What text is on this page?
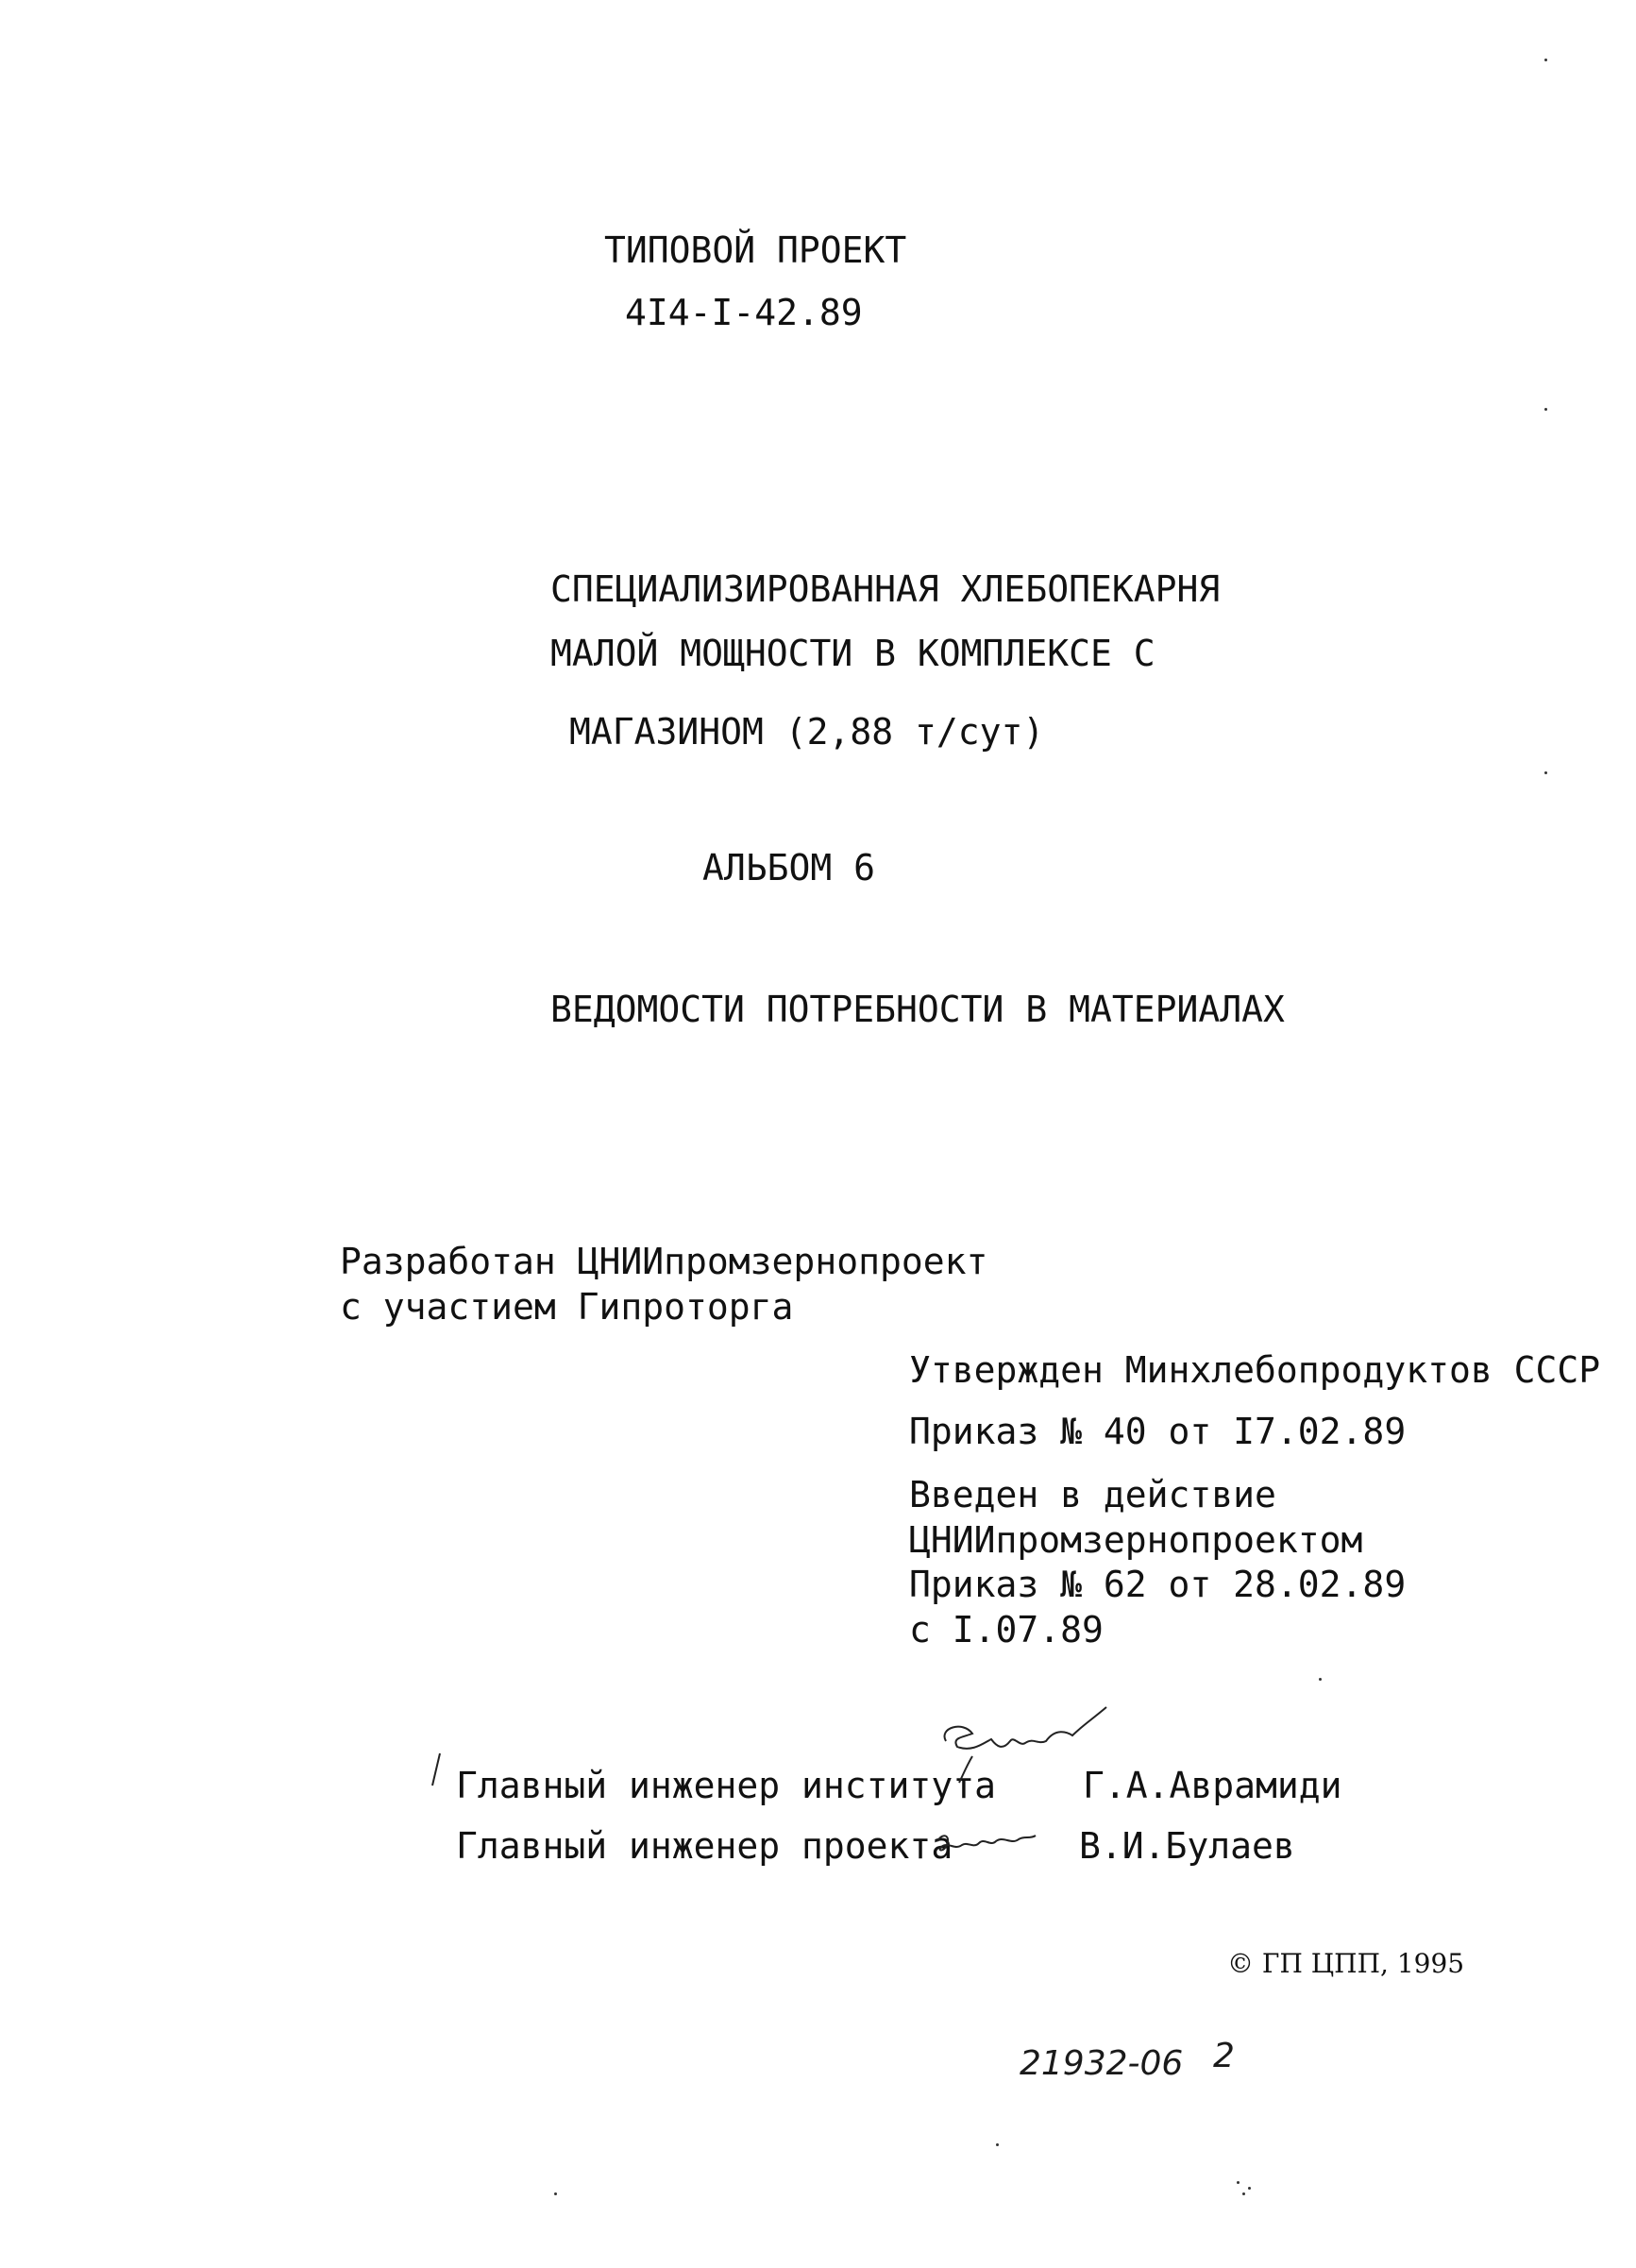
ТИПОВОЙ ПРОЕКТ
4I4-I-42.89
СПЕЦИАЛИЗИРОВАННАЯ ХЛЕБОПЕКАРНЯ
МАЛОЙ МОЩНОСТИ В КОМПЛЕКСЕ С
МАГАЗИНОМ (2,88 т/сут)
АЛЬБОМ 6
ВЕДОМОСТИ ПОТРЕБНОСТИ В МАТЕРИАЛАХ
Разработан ЦНИИпромзернопроект
с участием Гипроторга
Утвержден Минхлебопродуктов СССР
Приказ № 40 от I7.02.89
Введен в действие
ЦНИИпромзернопроектом
Приказ № 62 от 28.02.89
с I.07.89
Главный инженер института Г.А.Аврамиди
Главный инженер проекта	В.И.Булаев
© ГП ЦПП, 1995
21932-06 2
